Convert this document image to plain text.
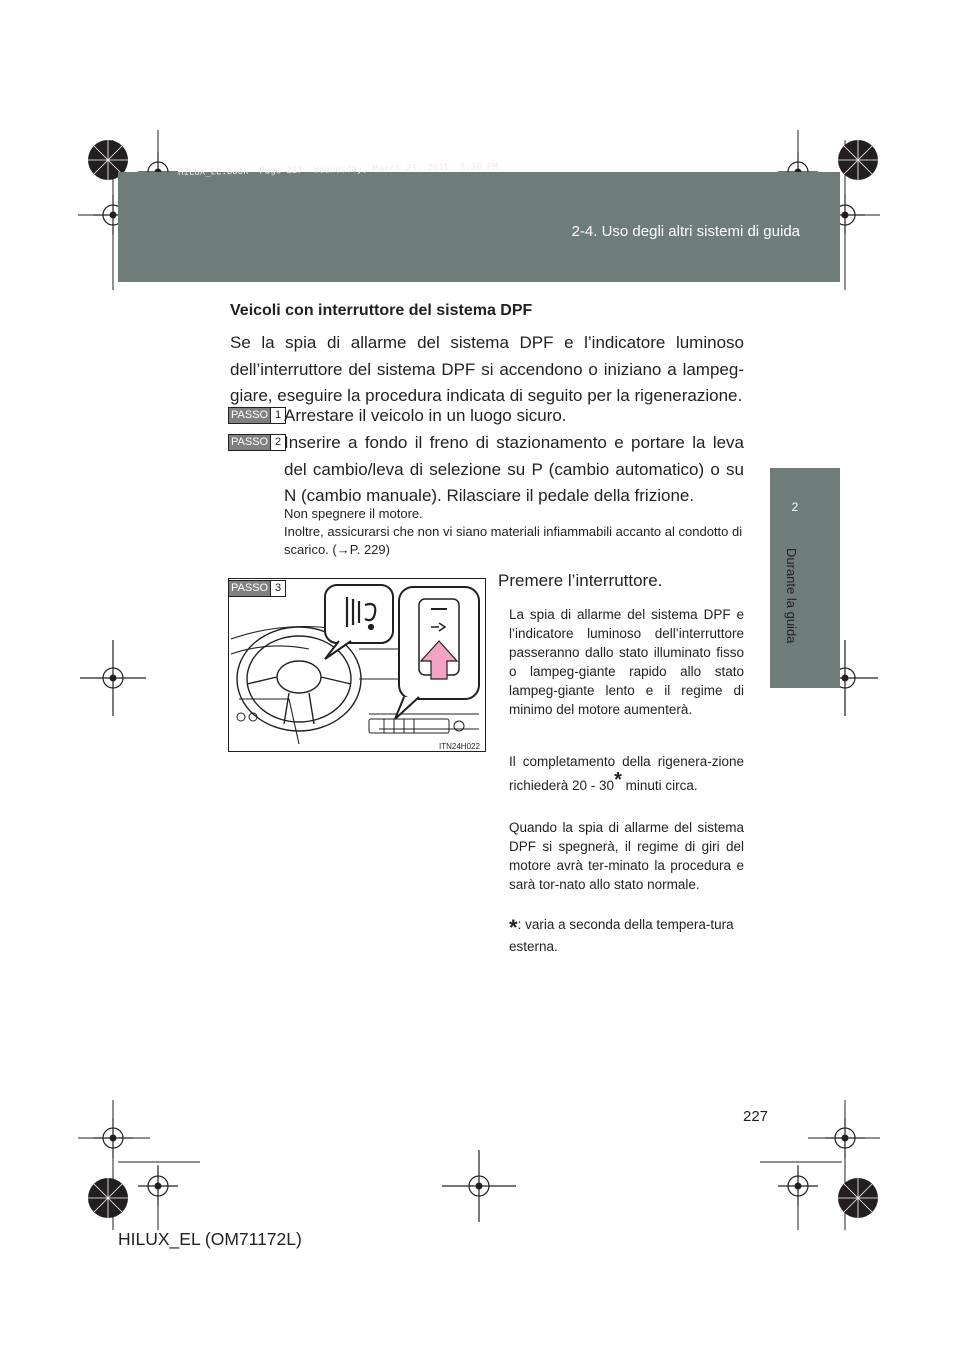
HILUX_EL.book  Page 227  Wednesday, March 23, 2011  3:30 PM
2-4. Uso degli altri sistemi di guida
2
Durante la guida
Veicoli con interruttore del sistema DPF
Se la spia di allarme del sistema DPF e l’indicatore luminoso dell’interruttore del sistema DPF si accendono o iniziano a lampeg-giare, eseguire la procedura indicata di seguito per la rigenerazione.
PASSO 1 Arrestare il veicolo in un luogo sicuro.
PASSO 2 Inserire a fondo il freno di stazionamento e portare la leva del cambio/leva di selezione su P (cambio automatico) o su N (cambio manuale). Rilasciare il pedale della frizione.
Non spegnere il motore.
Inoltre, assicurarsi che non vi siano materiali infiammabili accanto al condotto di scarico. (→P. 229)
PASSO 3
ITN24H022
Premere l’interruttore.
La spia di allarme del sistema DPF e l’indicatore luminoso dell’interruttore passeranno dallo stato illuminato fisso o lampeg-giante rapido allo stato lampeg-giante lento e il regime di minimo del motore aumenterà.
Il completamento della rigenera-zione richiederà 20 - 30* minuti circa.
Quando la spia di allarme del sistema DPF si spegnerà, il regime di giri del motore avrà ter-minato la procedura e sarà tor-nato allo stato normale.
*: varia a seconda della tempera-tura esterna.
227
HILUX_EL (OM71172L)
